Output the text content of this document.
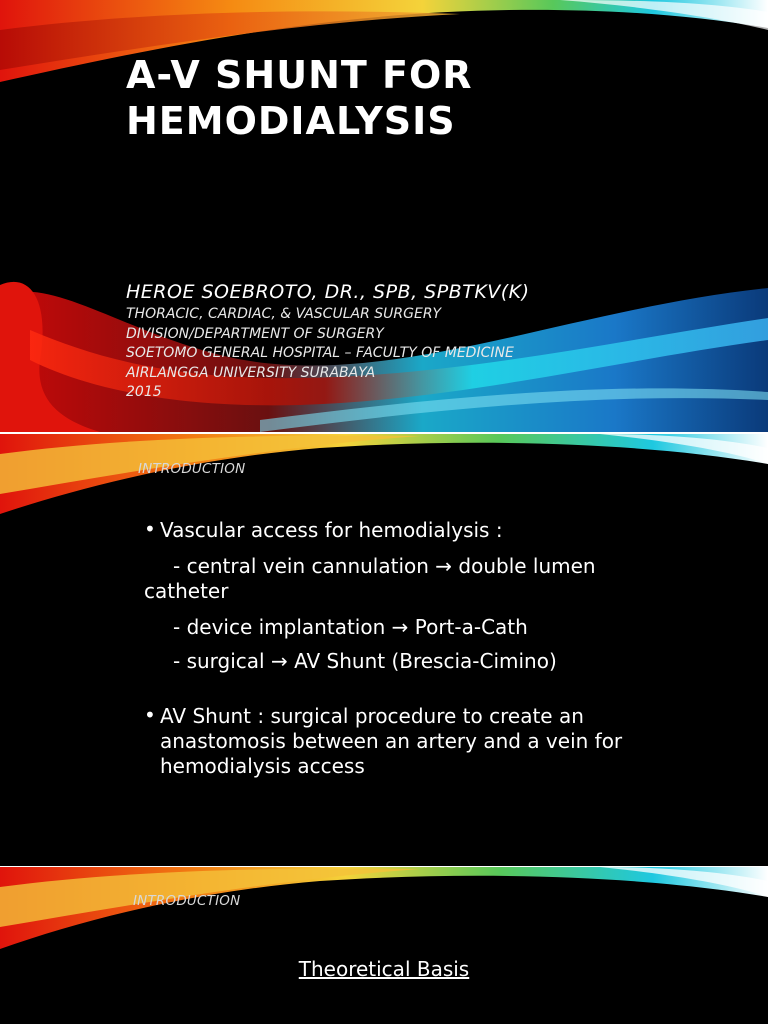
A-V SHUNT FOR
HEMODIALYSIS
HEROE SOEBROTO, DR., SPB, SPBTKV(K)
THORACIC, CARDIAC, & VASCULAR SURGERY
DIVISION/DEPARTMENT OF SURGERY
SOETOMO GENERAL HOSPITAL – FACULTY OF MEDICINE
AIRLANGGA UNIVERSITY SURABAYA
2015
INTRODUCTION
• Vascular access for hemodialysis :
- central vein cannulation → double lumen
catheter
- device implantation → Port-a-Cath
- surgical → AV Shunt (Brescia-Cimino)
• AV Shunt : surgical procedure to create an anastomosis between an artery and a vein for hemodialysis access
INTRODUCTION
Theoretical Basis
